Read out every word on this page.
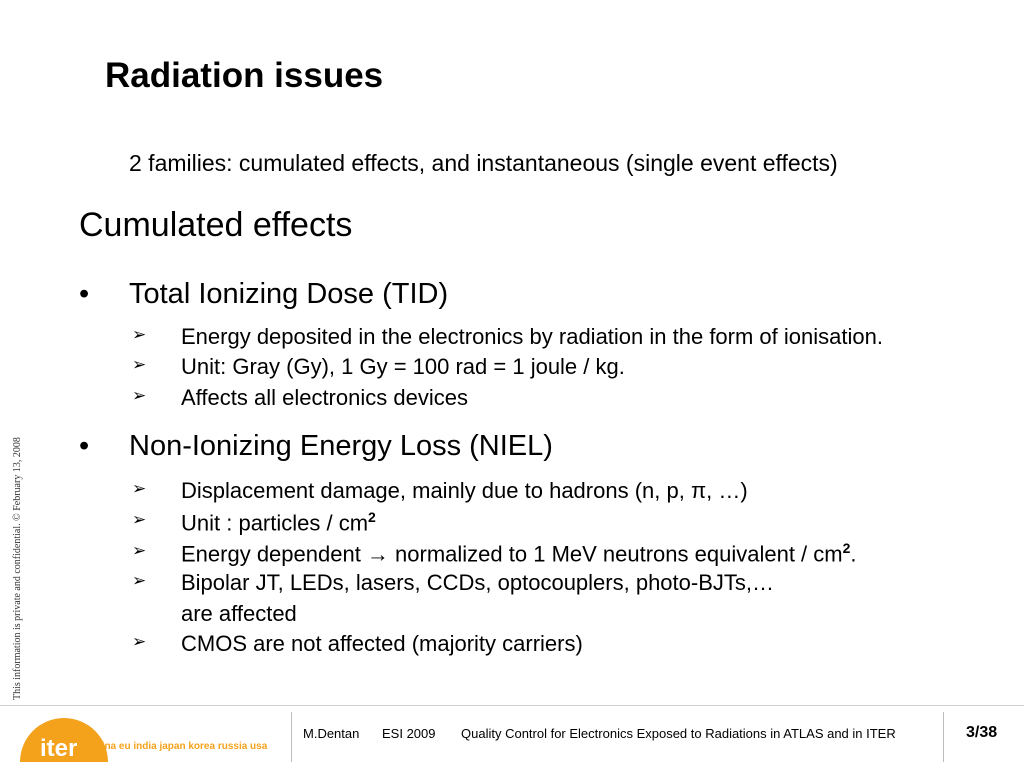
Radiation issues
2 families: cumulated effects, and instantaneous (single event effects)
Cumulated effects
• Total Ionizing Dose (TID)
➢ Energy deposited in the electronics by radiation in the form of ionisation.
➢ Unit: Gray (Gy), 1 Gy = 100 rad = 1 joule / kg.
➢ Affects all electronics devices
• Non-Ionizing Energy Loss (NIEL)
➢ Displacement damage, mainly due to hadrons (n, p, π, …)
➢ Unit : particles / $cm^2$
➢ Energy dependent → normalized to 1 MeV neutrons equivalent / $cm^2$.
➢ Bipolar JT, LEDs, lasers, CCDs, optocouplers, photo-BJTs,…
are affected
➢ CMOS are not affected (majority carriers)
This information is private and confidential. © February 13, 2008
iter china eu india japan korea russia usa
M.Dentan ESI 2009 Quality Control for Electronics Exposed to Radiations in ATLAS and in ITER	3/38
